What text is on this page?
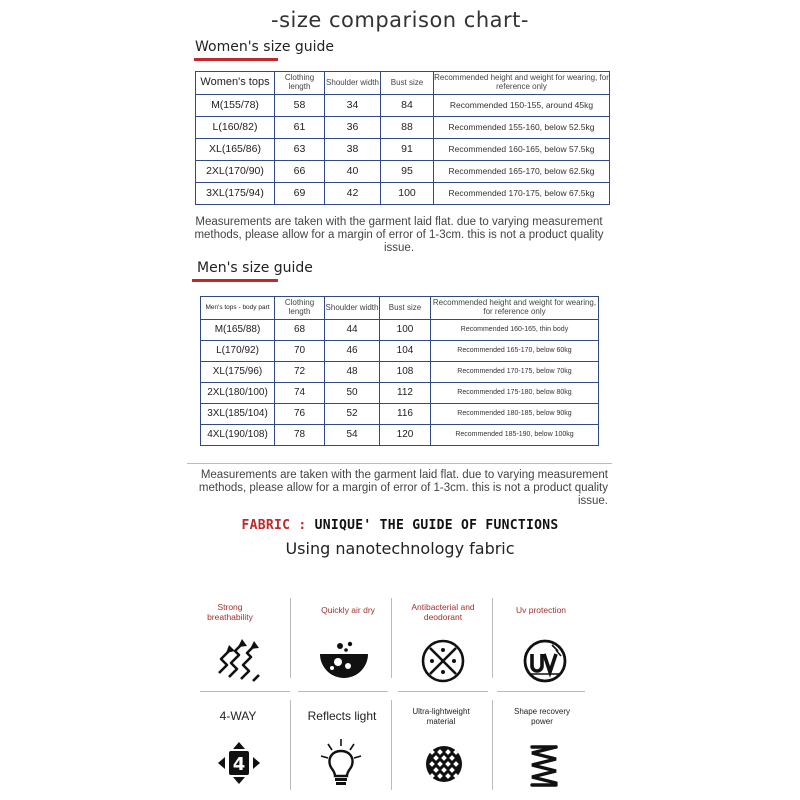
-size comparison chart-
Women's size guide
Women's tops	Clothing length	Shoulder width	Bust size	Recommended height and weight for wearing, for reference only
M(155/78)	58	34	84	Recommended 150-155, around 45kg
L(160/82)	61	36	88	Recommended 155-160, below 52.5kg
XL(165/86)	63	38	91	Recommended 160-165, below 57.5kg
2XL(170/90)	66	40	95	Recommended 165-170, below 62.5kg
3XL(175/94)	69	42	100	Recommended 170-175, below 67.5kg
Measurements are taken with the garment laid flat. due to varying measurement methods, please allow for a margin of error of 1-3cm. this is not a product quality issue.
Men's size guide
Men's tops - body part	Clothing length	Shoulder width	Bust size	Recommended height and weight for wearing, for reference only
M(165/88)	68	44	100	Recommended 160-165, thin body
L(170/92)	70	46	104	Recommended 165-170, below 60kg
XL(175/96)	72	48	108	Recommended 170-175, below 70kg
2XL(180/100)	74	50	112	Recommended 175-180, below 80kg
3XL(185/104)	76	52	116	Recommended 180-185, below 90kg
4XL(190/108)	78	54	120	Recommended 185-190, below 100kg
Measurements are taken with the garment laid flat. due to varying measurement methods, please allow for a margin of error of 1-3cm. this is not a product quality issue.
FABRIC : UNIQUE' THE GUIDE OF FUNCTIONS
Using nanotechnology fabric
Strong breathability
Quickly air dry	Antibacterial and deodorant
Uv protection
4-WAY
4
Reflects light	Ultra-lightweight material
Shape recovery power
